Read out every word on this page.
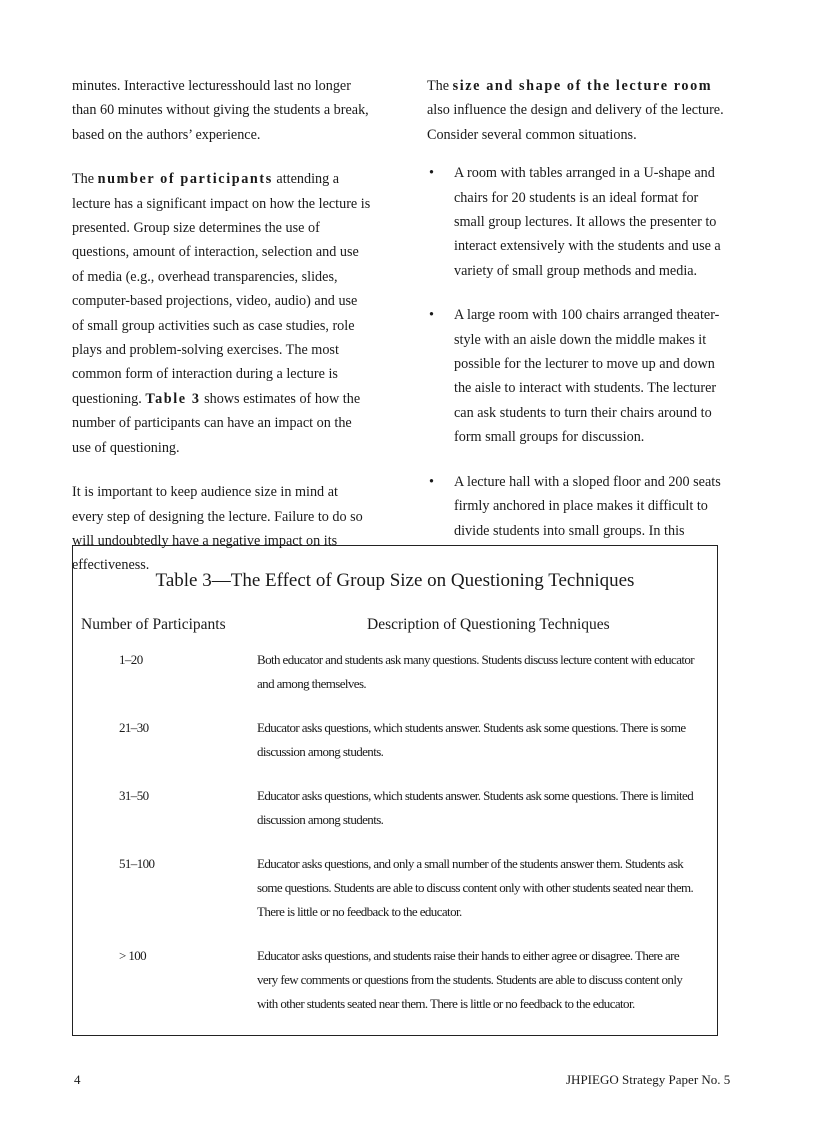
minutes. Interactive lecturesshould last no longer than 60 minutes without giving the students a break, based on the authors’ experience.

The number of participants attending a lecture has a significant impact on how the lecture is presented. Group size determines the use of questions, amount of interaction, selection and use of media (e.g., overhead transparencies, slides, computer-based projections, video, audio) and use of small group activities such as case studies, role plays and problem-solving exercises. The most common form of interaction during a lecture is questioning. Table 3 shows estimates of how the number of participants can have an impact on the use of questioning.

It is important to keep audience size in mind at every step of designing the lecture. Failure to do so will undoubtedly have a negative impact on its effectiveness.

The size and shape of the lecture room also influence the design and delivery of the lecture. Consider several common situations.

• A room with tables arranged in a U-shape and chairs for 20 students is an ideal format for small group lectures. It allows the presenter to interact extensively with the students and use a variety of small group methods and media.
• A large room with 100 chairs arranged theater-style with an aisle down the middle makes it possible for the lecturer to move up and down the aisle to interact with students. The lecturer can ask students to turn their chairs around to form small groups for discussion.
• A lecture hall with a sloped floor and 200 seats firmly anchored in place makes it difficult to divide students into small groups. In this
Table 3—The Effect of Group Size on Questioning Techniques
Number of Participants	Description of Questioning Techniques
1–20	Both educator and students ask many questions. Students discuss lecture content with educator and among themselves.
21–30	Educator asks questions, which students answer. Students ask some questions. There is some discussion among students.
31–50	Educator asks questions, which students answer. Students ask some questions. There is limited discussion among students.
51–100	Educator asks questions, and only a small number of the students answer them. Students ask some questions. Students are able to discuss content only with other students seated near them. There is little or no feedback to the educator.
> 100	Educator asks questions, and students raise their hands to either agree or disagree. There are very few comments or questions from the students. Students are able to discuss content only with other students seated near them. There is little or no feedback to the educator.
4	JHPIEGO Strategy Paper No. 5
